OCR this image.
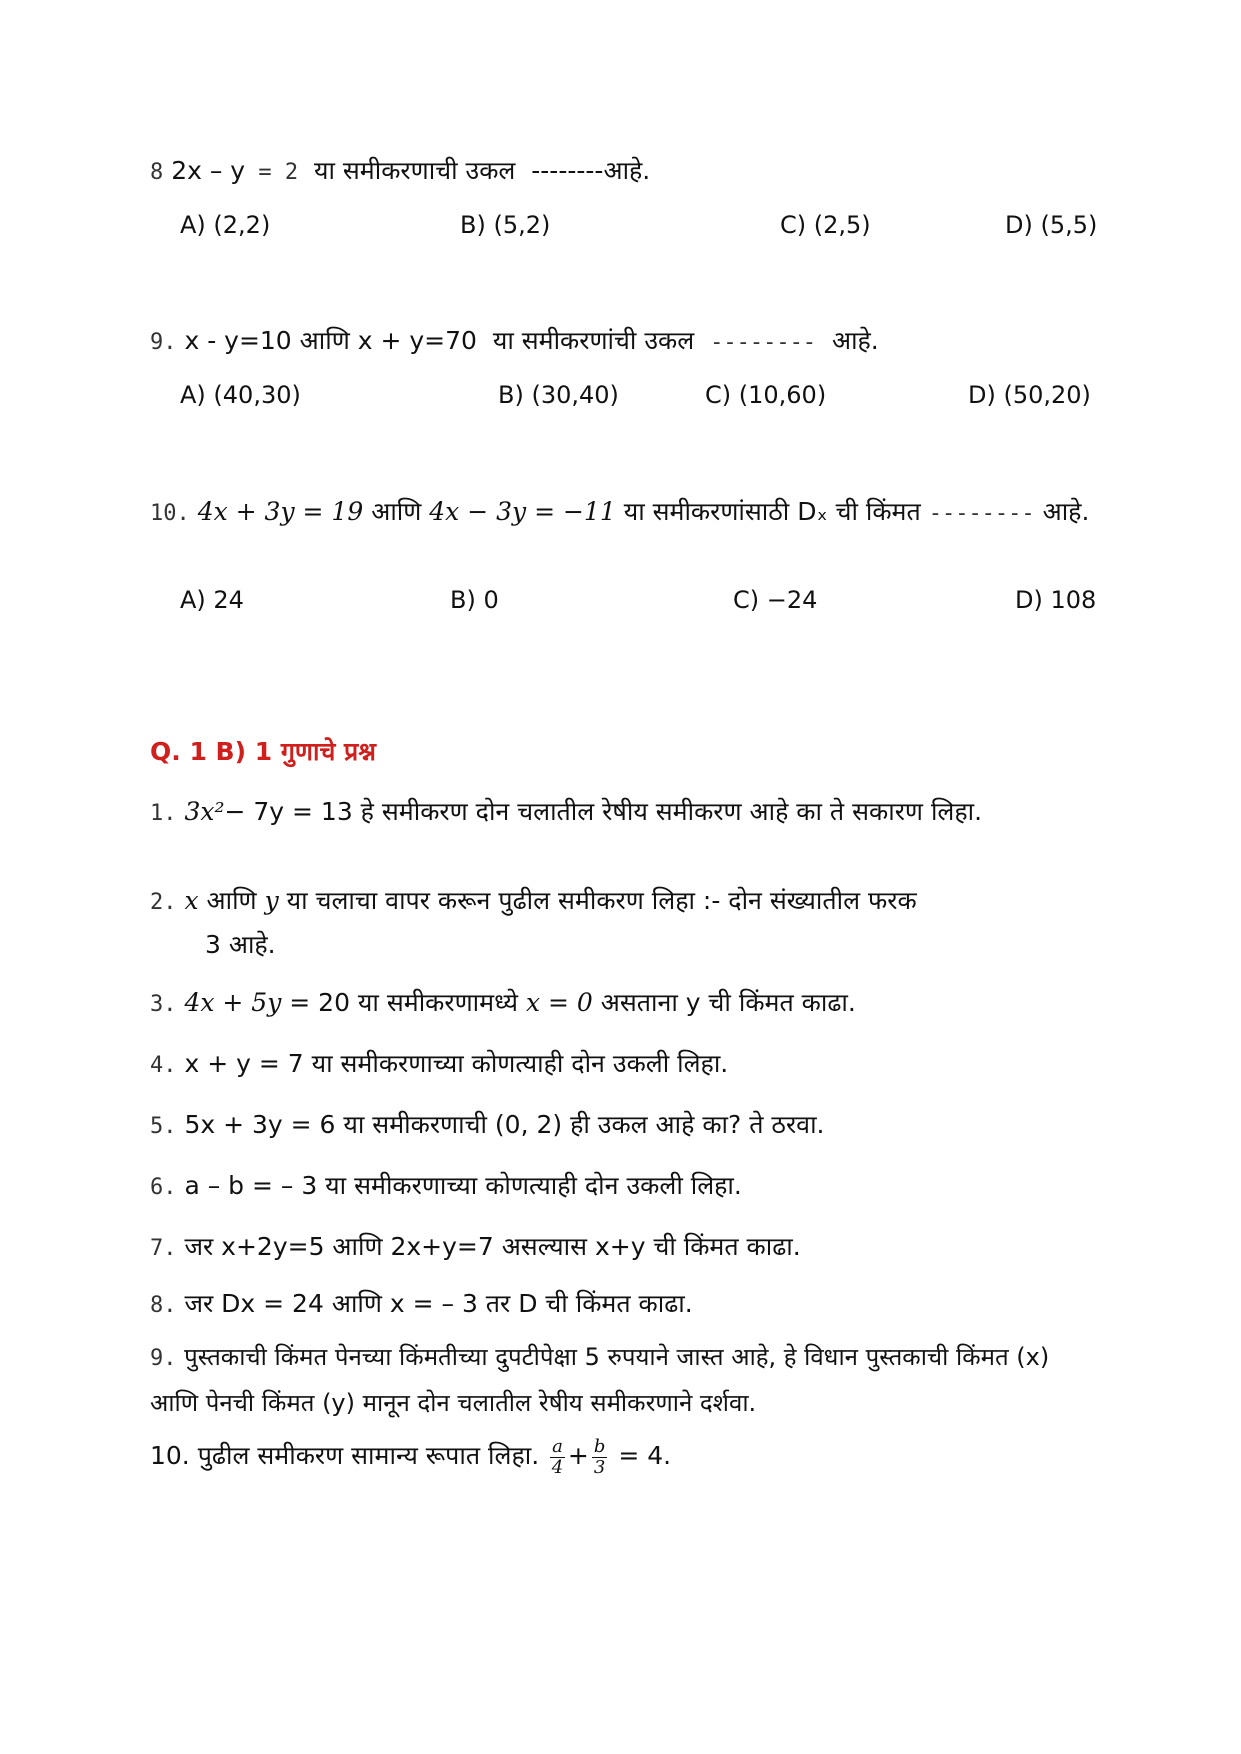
8 2x – y = 2 या समीकरणाची उकल --------आहे.
A) (2,2)	B) (5,2)	C) (2,5)	D) (5,5)
9. x - y=10 आणि x + y=70 या समीकरणांची उकल -------- आहे.
A) (40,30)	B) (30,40)	C) (10,60)	D) (50,20)
10. 4x + 3y = 19 आणि 4x − 3y = −11 या समीकरणांसाठी Dₓ ची किंमत -------- आहे.
A) 24	B) 0	C) −24	D) 108
Q. 1 B) 1 गुणाचे प्रश्न
1. 3x²− 7y = 13 हे समीकरण दोन चलातील रेषीय समीकरण आहे का ते सकारण लिहा.
2. x आणि y या चलाचा वापर करून पुढील समीकरण लिहा :- दोन संख्यातील फरक
3 आहे.
3. 4x + 5y = 20 या समीकरणामध्ये x = 0 असताना y ची किंमत काढा.
4. x + y = 7 या समीकरणाच्या कोणत्याही दोन उकली लिहा.
5. 5x + 3y = 6 या समीकरणाची (0, 2) ही उकल आहे का? ते ठरवा.
6. a – b = – 3 या समीकरणाच्या कोणत्याही दोन उकली लिहा.
7. जर x+2y=5 आणि 2x+y=7 असल्यास x+y ची किंमत काढा.
8. जर Dx = 24 आणि x = – 3 तर D ची किंमत काढा.
9. पुस्तकाची किंमत पेनच्या किंमतीच्या दुपटीपेक्षा 5 रुपयाने जास्त आहे, हे विधान पुस्तकाची किंमत (x) आणि पेनची किंमत (y) मानून दोन चलातील रेषीय समीकरणाने दर्शवा.
10. पुढील समीकरण सामान्य रूपात लिहा. $\frac{a}{4} + \frac{b}{3} = 4$.
